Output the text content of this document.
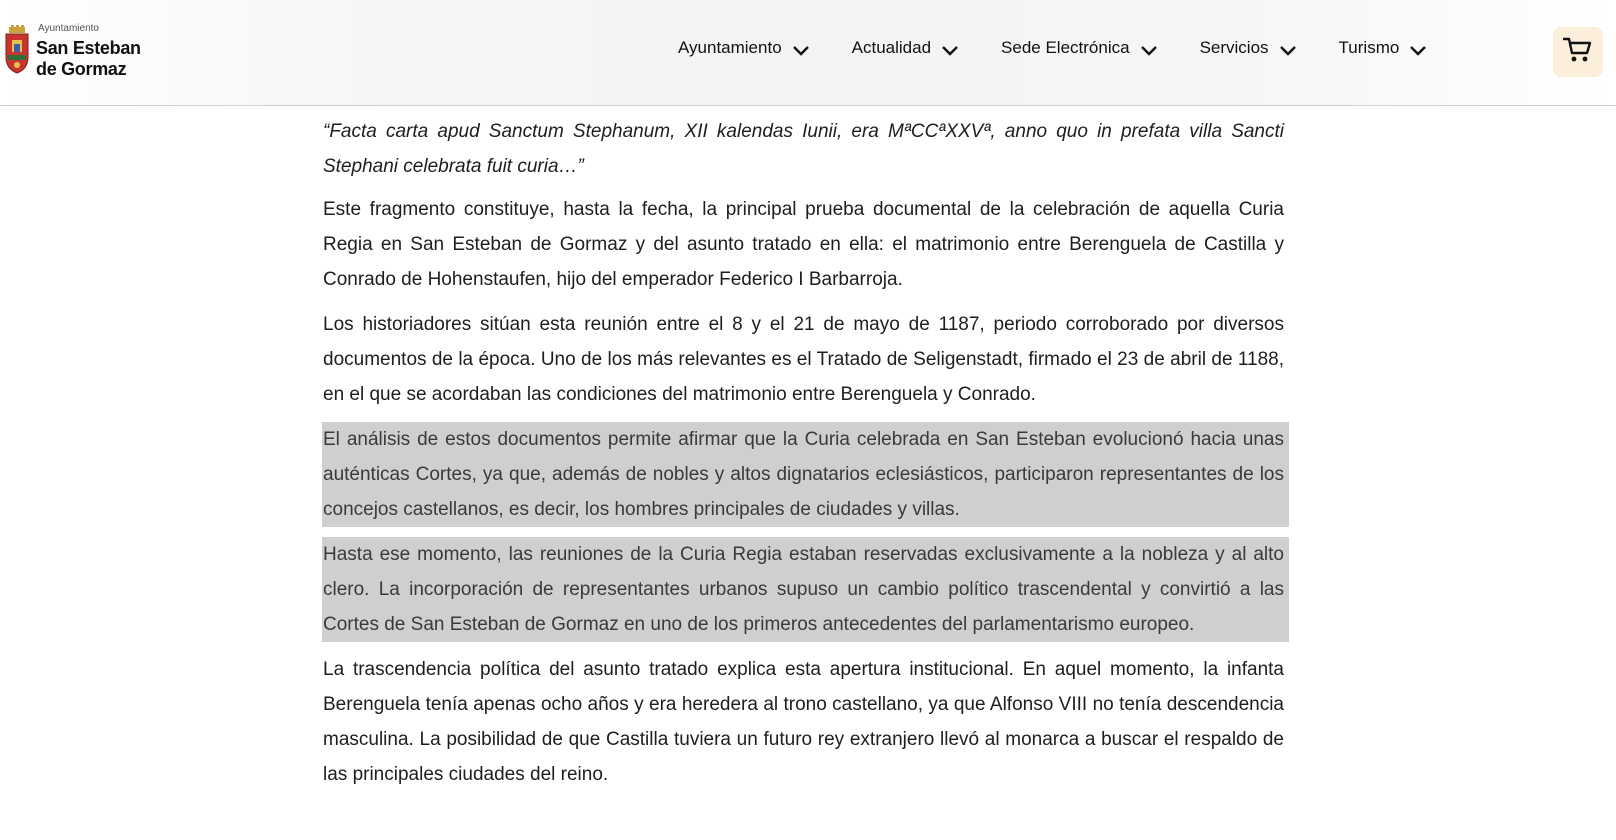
Ayuntamiento
San Esteban
de Gormaz
Ayuntamiento	Actualidad	Sede Electrónica	Servicios	Turismo

“Facta carta apud Sanctum Stephanum, XII kalendas Iunii, era MªCCªXXVª, anno quo in prefata villa Sancti Stephani celebrata fuit curia…”

Este fragmento constituye, hasta la fecha, la principal prueba documental de la celebración de aquella Curia Regia en San Esteban de Gormaz y del asunto tratado en ella: el matrimonio entre Berenguela de Castilla y Conrado de Hohenstaufen, hijo del emperador Federico I Barbarroja.

Los historiadores sitúan esta reunión entre el 8 y el 21 de mayo de 1187, periodo corroborado por diversos documentos de la época. Uno de los más relevantes es el Tratado de Seligenstadt, firmado el 23 de abril de 1188, en el que se acordaban las condiciones del matrimonio entre Berenguela y Conrado.

El análisis de estos documentos permite afirmar que la Curia celebrada en San Esteban evolucionó hacia unas auténticas Cortes, ya que, además de nobles y altos dignatarios eclesiásticos, participaron representantes de los concejos castellanos, es decir, los hombres principales de ciudades y villas.

Hasta ese momento, las reuniones de la Curia Regia estaban reservadas exclusivamente a la nobleza y al alto clero. La incorporación de representantes urbanos supuso un cambio político trascendental y convirtió a las Cortes de San Esteban de Gormaz en uno de los primeros antecedentes del parlamentarismo europeo.

La trascendencia política del asunto tratado explica esta apertura institucional. En aquel momento, la infanta Berenguela tenía apenas ocho años y era heredera al trono castellano, ya que Alfonso VIII no tenía descendencia masculina. La posibilidad de que Castilla tuviera un futuro rey extranjero llevó al monarca a buscar el respaldo de las principales ciudades del reino.
